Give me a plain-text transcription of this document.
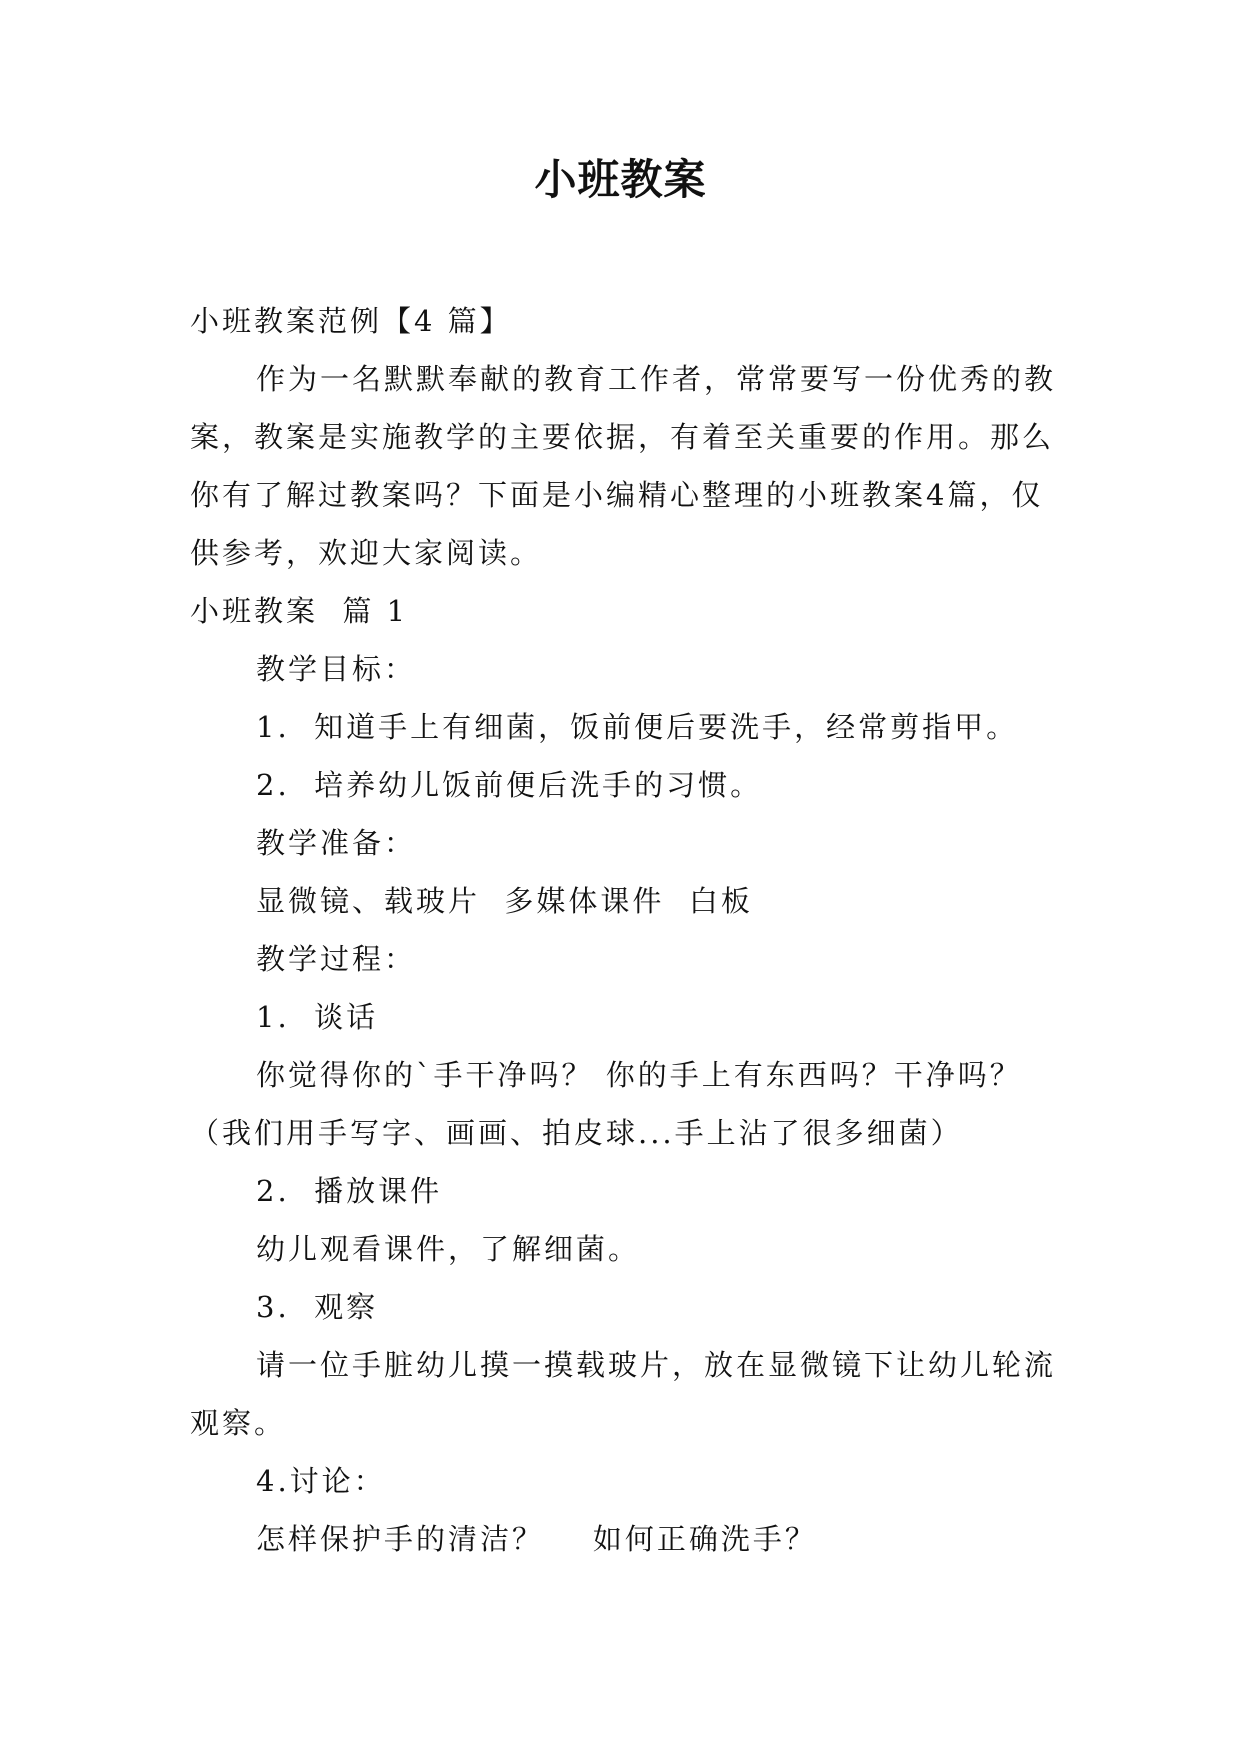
小班教案

小班教案范例【4 篇】

作为一名默默奉献的教育工作者，常常要写一份优秀的教案，教案是实施教学的主要依据，有着至关重要的作用。那么你有了解过教案吗？下面是小编精心整理的小班教案4篇，仅供参考，欢迎大家阅读。

小班教案  篇 1

教学目标：

1.  知道手上有细菌，饭前便后要洗手，经常剪指甲。

2.  培养幼儿饭前便后洗手的习惯。

教学准备：

显微镜、载玻片  多媒体课件  白板

教学过程：

1.  谈话

你觉得你的`手干净吗？ 你的手上有东西吗？干净吗？（我们用手写字、画画、拍皮球...手上沾了很多细菌）

2.  播放课件

幼儿观看课件，了解细菌。

3.  观察

请一位手脏幼儿摸一摸载玻片，放在显微镜下让幼儿轮流观察。

4.讨论：

怎样保护手的清洁？    如何正确洗手？
